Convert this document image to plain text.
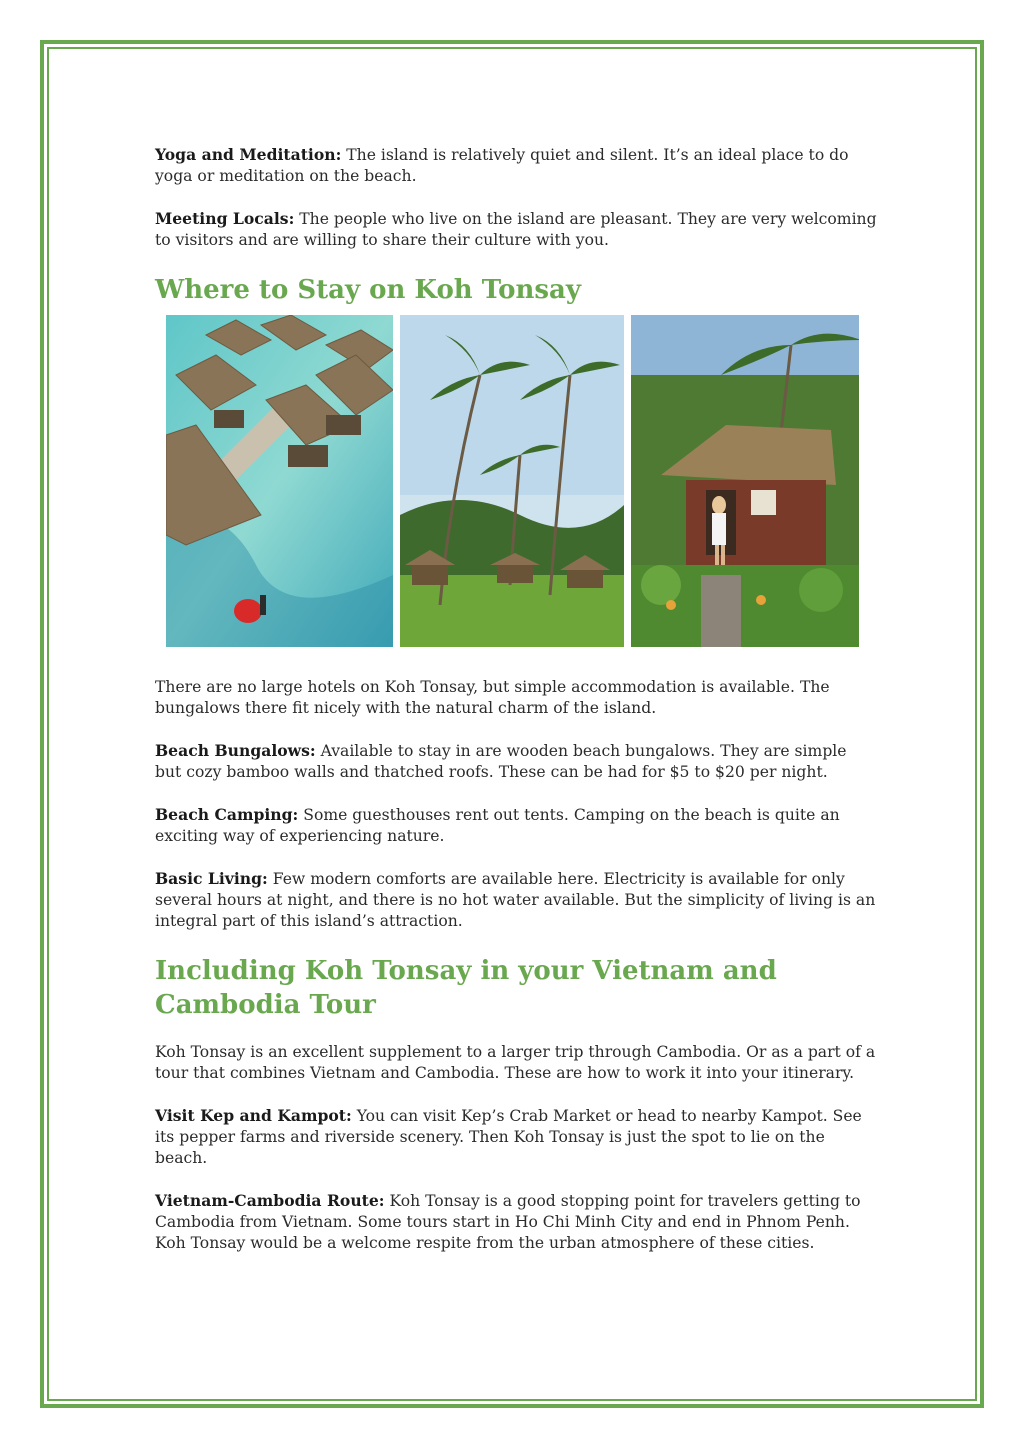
Yoga and Meditation: The island is relatively quiet and silent. It’s an ideal place to do yoga or meditation on the beach.

Meeting Locals: The people who live on the island are pleasant. They are very welcoming to visitors and are willing to share their culture with you.

Where to Stay on Koh Tonsay

There are no large hotels on Koh Tonsay, but simple accommodation is available. The bungalows there fit nicely with the natural charm of the island.

Beach Bungalows: Available to stay in are wooden beach bungalows. They are simple but cozy bamboo walls and thatched roofs. These can be had for $5 to $20 per night.

Beach Camping: Some guesthouses rent out tents. Camping on the beach is quite an exciting way of experiencing nature.

Basic Living: Few modern comforts are available here. Electricity is available for only several hours at night, and there is no hot water available. But the simplicity of living is an integral part of this island’s attraction.

Including Koh Tonsay in your Vietnam and Cambodia Tour

Koh Tonsay is an excellent supplement to a larger trip through Cambodia. Or as a part of a tour that combines Vietnam and Cambodia. These are how to work it into your itinerary.

Visit Kep and Kampot: You can visit Kep’s Crab Market or head to nearby Kampot. See its pepper farms and riverside scenery. Then Koh Tonsay is just the spot to lie on the beach.

Vietnam-Cambodia Route: Koh Tonsay is a good stopping point for travelers getting to Cambodia from Vietnam. Some tours start in Ho Chi Minh City and end in Phnom Penh. Koh Tonsay would be a welcome respite from the urban atmosphere of these cities.
